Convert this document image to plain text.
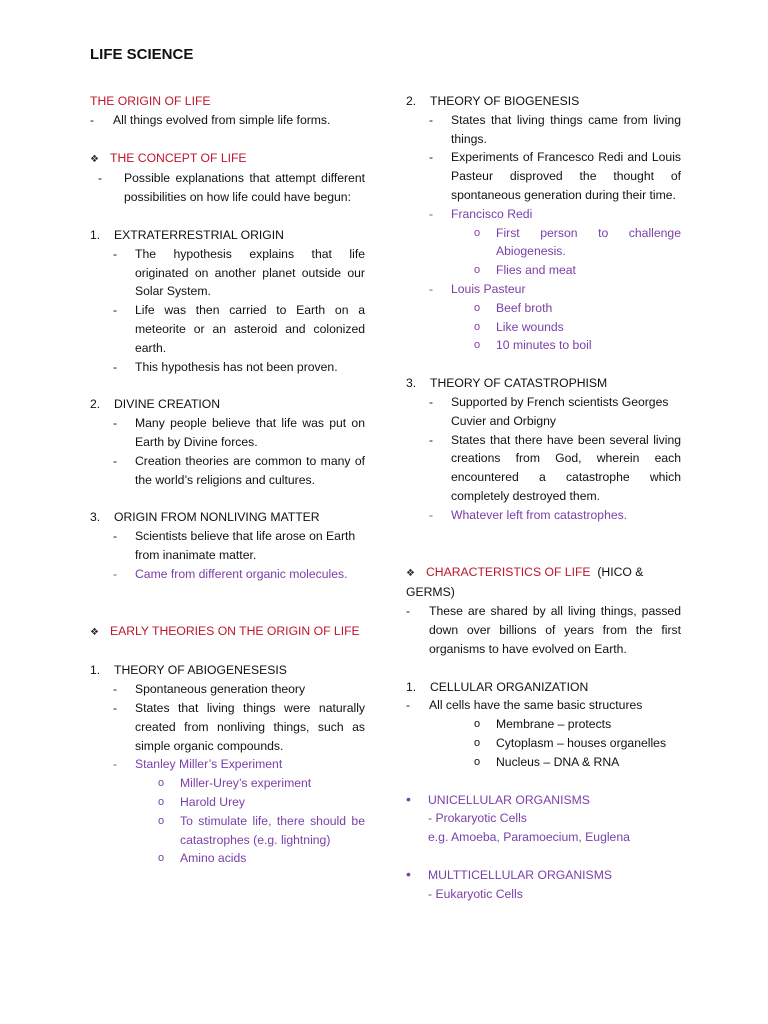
LIFE SCIENCE
THE ORIGIN OF LIFE
- All things evolved from simple life forms.
❖ THE CONCEPT OF LIFE
- Possible explanations that attempt different possibilities on how life could have begun:
1. EXTRATERRESTRIAL ORIGIN
- The hypothesis explains that life originated on another planet outside our Solar System.
- Life was then carried to Earth on a meteorite or an asteroid and colonized earth.
- This hypothesis has not been proven.
2. DIVINE CREATION
- Many people believe that life was put on Earth by Divine forces.
- Creation theories are common to many of the world’s religions and cultures.
3. ORIGIN FROM NONLIVING MATTER
- Scientists believe that life arose on Earth from inanimate matter.
- Came from different organic molecules.
❖ EARLY THEORIES ON THE ORIGIN OF LIFE
1. THEORY OF ABIOGENESESIS
- Spontaneous generation theory
- States that living things were naturally created from nonliving things, such as simple organic compounds.
- Stanley Miller’s Experiment
o Miller-Urey’s experiment
o Harold Urey
o To stimulate life, there should be catastrophes (e.g. lightning)
o Amino acids
2. THEORY OF BIOGENESIS
- States that living things came from living things.
- Experiments of Francesco Redi and Louis Pasteur disproved the thought of spontaneous generation during their time.
- Francisco Redi
o First person to challenge Abiogenesis.
o Flies and meat
- Louis Pasteur
o Beef broth
o Like wounds
o 10 minutes to boil
3. THEORY OF CATASTROPHISM
- Supported by French scientists Georges Cuvier and Orbigny
- States that there have been several living creations from God, wherein each encountered a catastrophe which completely destroyed them.
- Whatever left from catastrophes.
❖ CHARACTERISTICS OF LIFE (HICO & GERMS)
- These are shared by all living things, passed down over billions of years from the first organisms to have evolved on Earth.
1. CELLULAR ORGANIZATION
- All cells have the same basic structures
o Membrane – protects
o Cytoplasm – houses organelles
o Nucleus – DNA & RNA
• UNICELLULAR ORGANISMS
- Prokaryotic Cells
e.g. Amoeba, Paramoecium, Euglena
• MULTTICELLULAR ORGANISMS
- Eukaryotic Cells
